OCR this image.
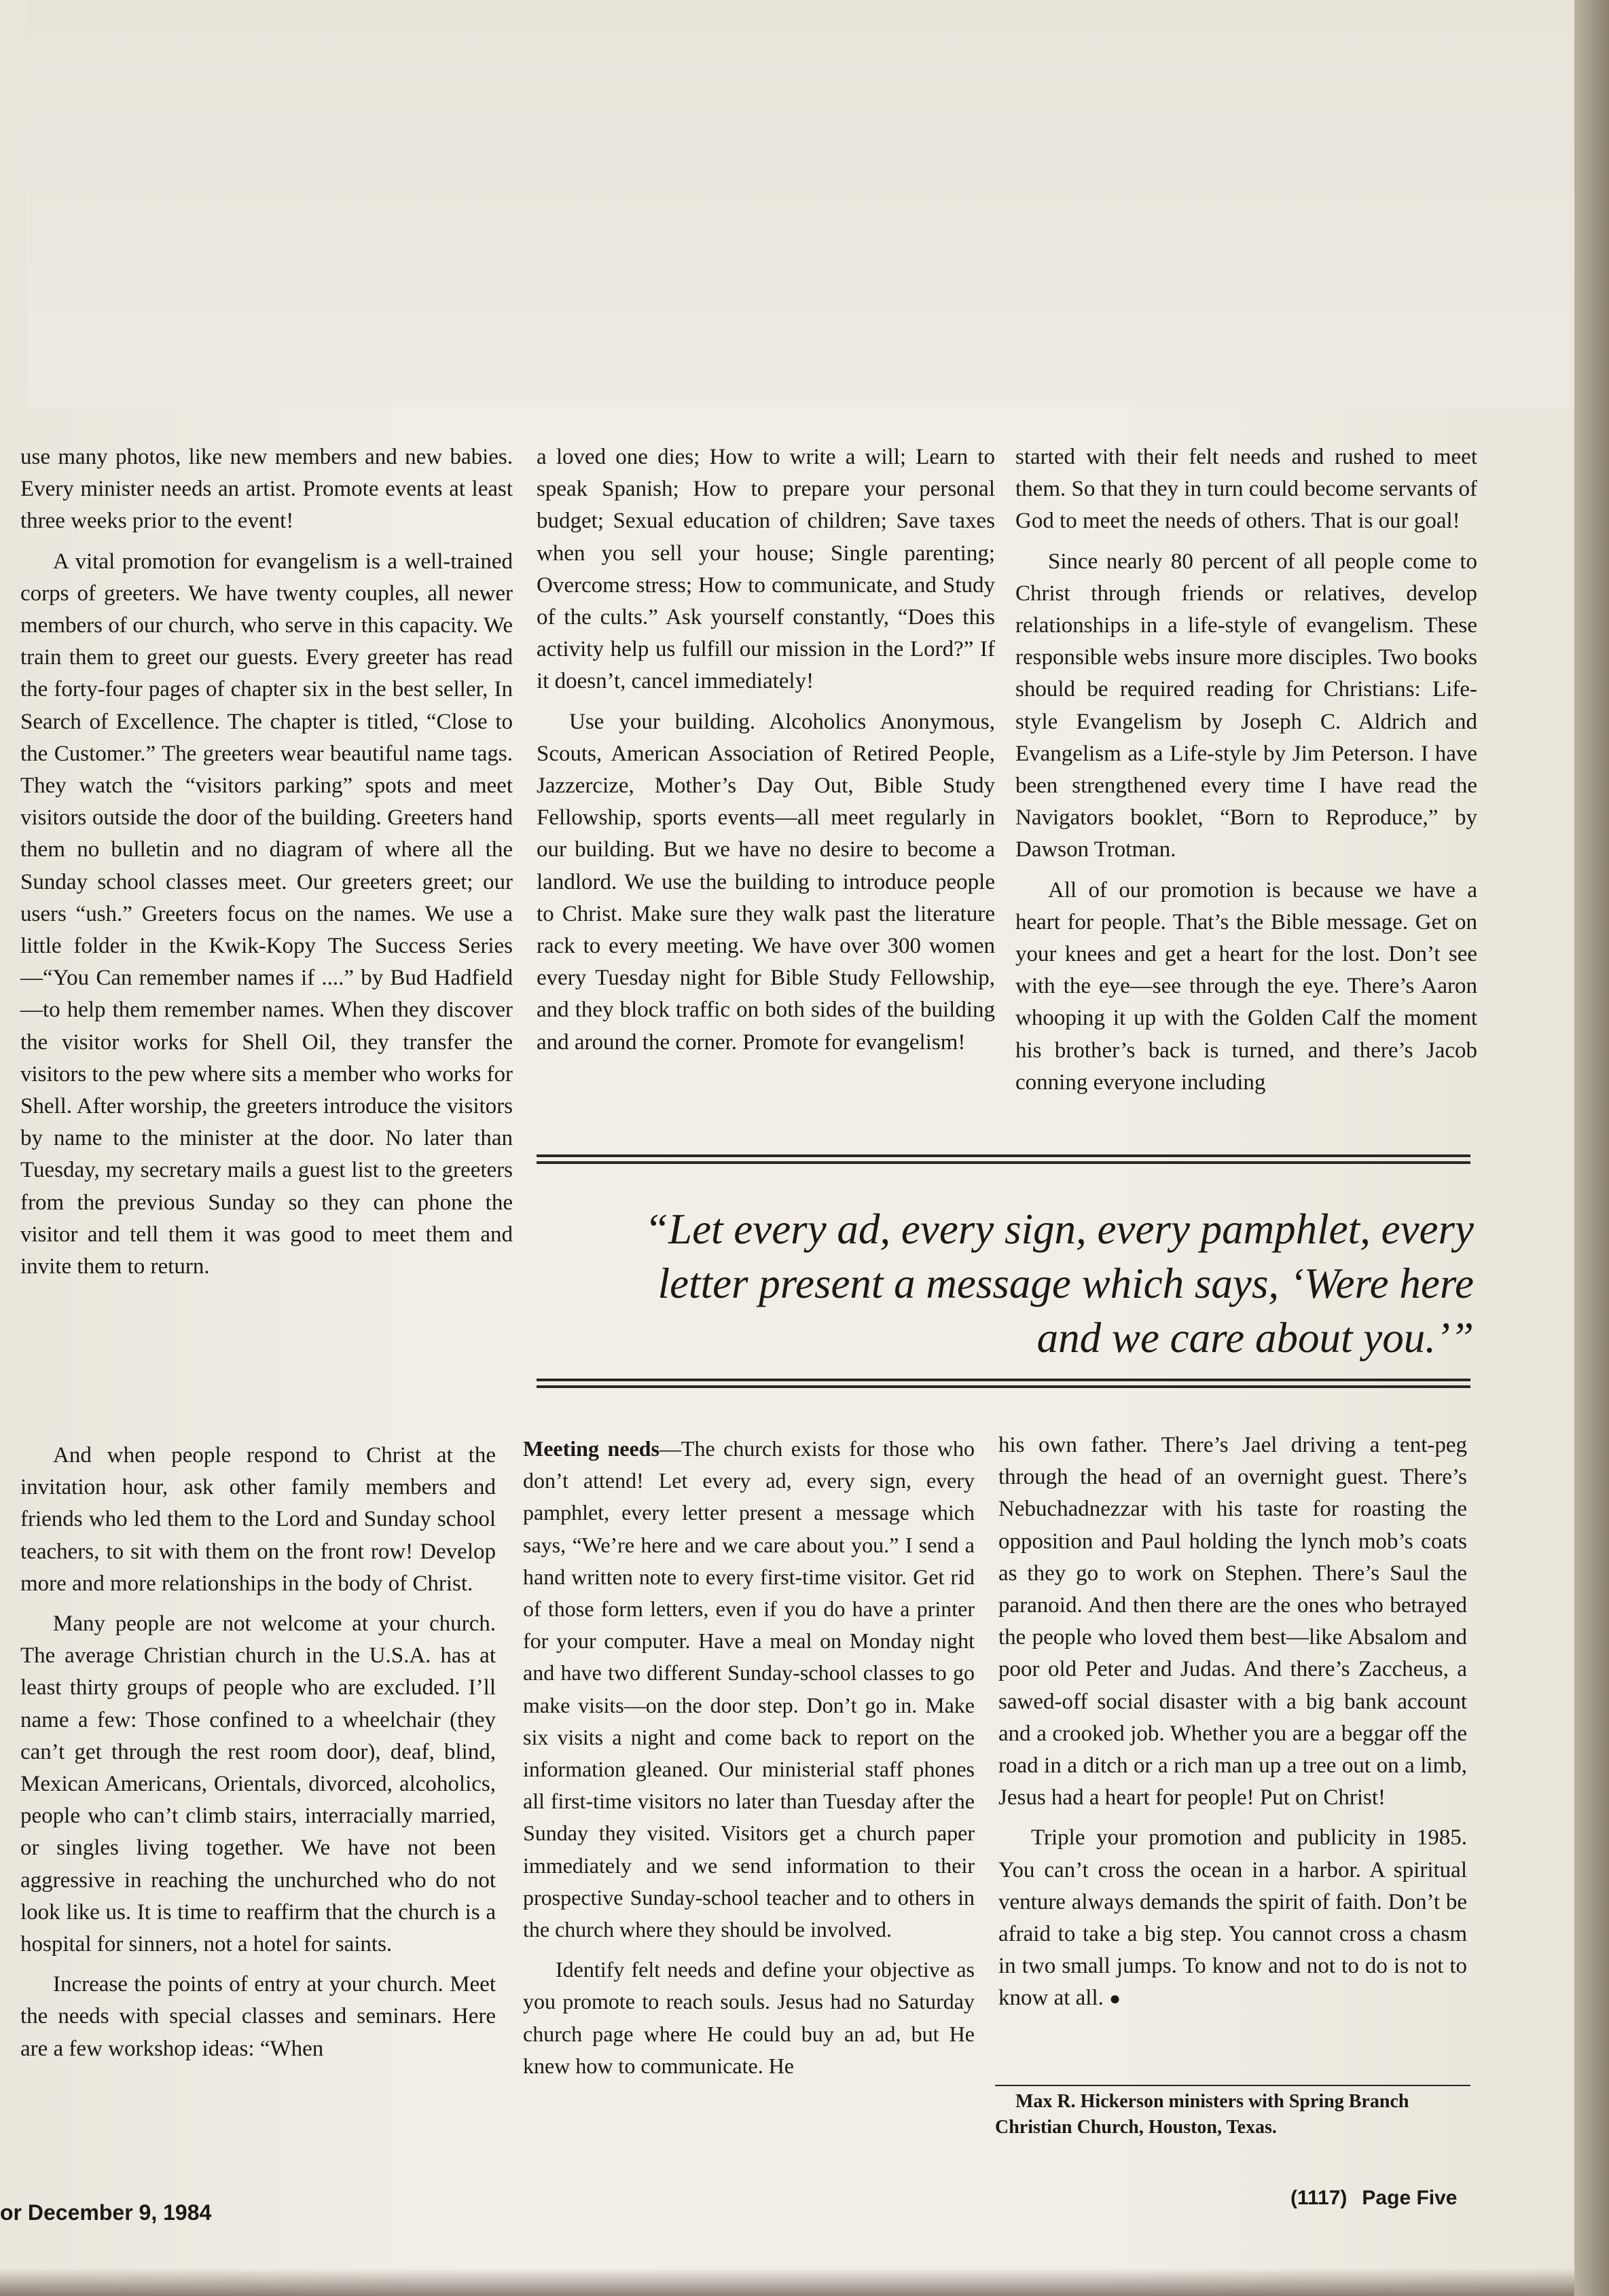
use many photos, like new members and new babies. Every minister needs an artist. Promote events at least three weeks prior to the event!

A vital promotion for evangelism is a well-trained corps of greeters. We have twenty couples, all newer members of our church, who serve in this capacity. We train them to greet our guests. Every greeter has read the forty-four pages of chapter six in the best seller, In Search of Excellence. The chapter is titled, “Close to the Customer.” The greeters wear beautiful name tags. They watch the “visitors parking” spots and meet visitors outside the door of the building. Greeters hand them no bulletin and no diagram of where all the Sunday school classes meet. Our greeters greet; our users “ush.” Greeters focus on the names. We use a little folder in the Kwik-Kopy The Success Series—“You Can remember names if ....” by Bud Hadfield—to help them remember names. When they discover the visitor works for Shell Oil, they transfer the visitors to the pew where sits a member who works for Shell. After worship, the greeters introduce the visitors by name to the minister at the door. No later than Tuesday, my secretary mails a guest list to the greeters from the previous Sunday so they can phone the visitor and tell them it was good to meet them and invite them to return.

a loved one dies; How to write a will; Learn to speak Spanish; How to prepare your personal budget; Sexual education of children; Save taxes when you sell your house; Single parenting; Overcome stress; How to communicate, and Study of the cults.” Ask yourself constantly, “Does this activity help us fulfill our mission in the Lord?” If it doesn’t, cancel immediately!

Use your building. Alcoholics Anonymous, Scouts, American Association of Retired People, Jazzercize, Mother’s Day Out, Bible Study Fellowship, sports events—all meet regularly in our building. But we have no desire to become a landlord. We use the building to introduce people to Christ. Make sure they walk past the literature rack to every meeting. We have over 300 women every Tuesday night for Bible Study Fellowship, and they block traffic on both sides of the building and around the corner. Promote for evangelism!

started with their felt needs and rushed to meet them. So that they in turn could become servants of God to meet the needs of others. That is our goal!

Since nearly 80 percent of all people come to Christ through friends or relatives, develop relationships in a life-style of evangelism. These responsible webs insure more disciples. Two books should be required reading for Christians: Life-style Evangelism by Joseph C. Aldrich and Evangelism as a Life-style by Jim Peterson. I have been strengthened every time I have read the Navigators booklet, “Born to Reproduce,” by Dawson Trotman.

All of our promotion is because we have a heart for people. That’s the Bible message. Get on your knees and get a heart for the lost. Don’t see with the eye—see through the eye. There’s Aaron whooping it up with the Golden Calf the moment his brother’s back is turned, and there’s Jacob conning everyone including

“Let every ad, every sign, every pamphlet, every letter present a message which says, ‘Were here and we care about you.’”

And when people respond to Christ at the invitation hour, ask other family members and friends who led them to the Lord and Sunday school teachers, to sit with them on the front row! Develop more and more relationships in the body of Christ.

Many people are not welcome at your church. The average Christian church in the U.S.A. has at least thirty groups of people who are excluded. I’ll name a few: Those confined to a wheelchair (they can’t get through the rest room door), deaf, blind, Mexican Americans, Orientals, divorced, alcoholics, people who can’t climb stairs, interracially married, or singles living together. We have not been aggressive in reaching the unchurched who do not look like us. It is time to reaffirm that the church is a hospital for sinners, not a hotel for saints.

Increase the points of entry at your church. Meet the needs with special classes and seminars. Here are a few workshop ideas: “When

Meeting needs—The church exists for those who don’t attend! Let every ad, every sign, every pamphlet, every letter present a message which says, “We’re here and we care about you.” I send a hand written note to every first-time visitor. Get rid of those form letters, even if you do have a printer for your computer. Have a meal on Monday night and have two different Sunday-school classes to go make visits—on the door step. Don’t go in. Make six visits a night and come back to report on the information gleaned. Our ministerial staff phones all first-time visitors no later than Tuesday after the Sunday they visited. Visitors get a church paper immediately and we send information to their prospective Sunday-school teacher and to others in the church where they should be involved.

Identify felt needs and define your objective as you promote to reach souls. Jesus had no Saturday church page where He could buy an ad, but He knew how to communicate. He

his own father. There’s Jael driving a tent-peg through the head of an overnight guest. There’s Nebuchadnezzar with his taste for roasting the opposition and Paul holding the lynch mob’s coats as they go to work on Stephen. There’s Saul the paranoid. And then there are the ones who betrayed the people who loved them best—like Absalom and poor old Peter and Judas. And there’s Zaccheus, a sawed-off social disaster with a big bank account and a crooked job. Whether you are a beggar off the road in a ditch or a rich man up a tree out on a limb, Jesus had a heart for people! Put on Christ!

Triple your promotion and publicity in 1985. You can’t cross the ocean in a harbor. A spiritual venture always demands the spirit of faith. Don’t be afraid to take a big step. You cannot cross a chasm in two small jumps. To know and not to do is not to know at all. ●

Max R. Hickerson ministers with Spring Branch Christian Church, Houston, Texas.
or December 9, 1984
(1117) Page Five
